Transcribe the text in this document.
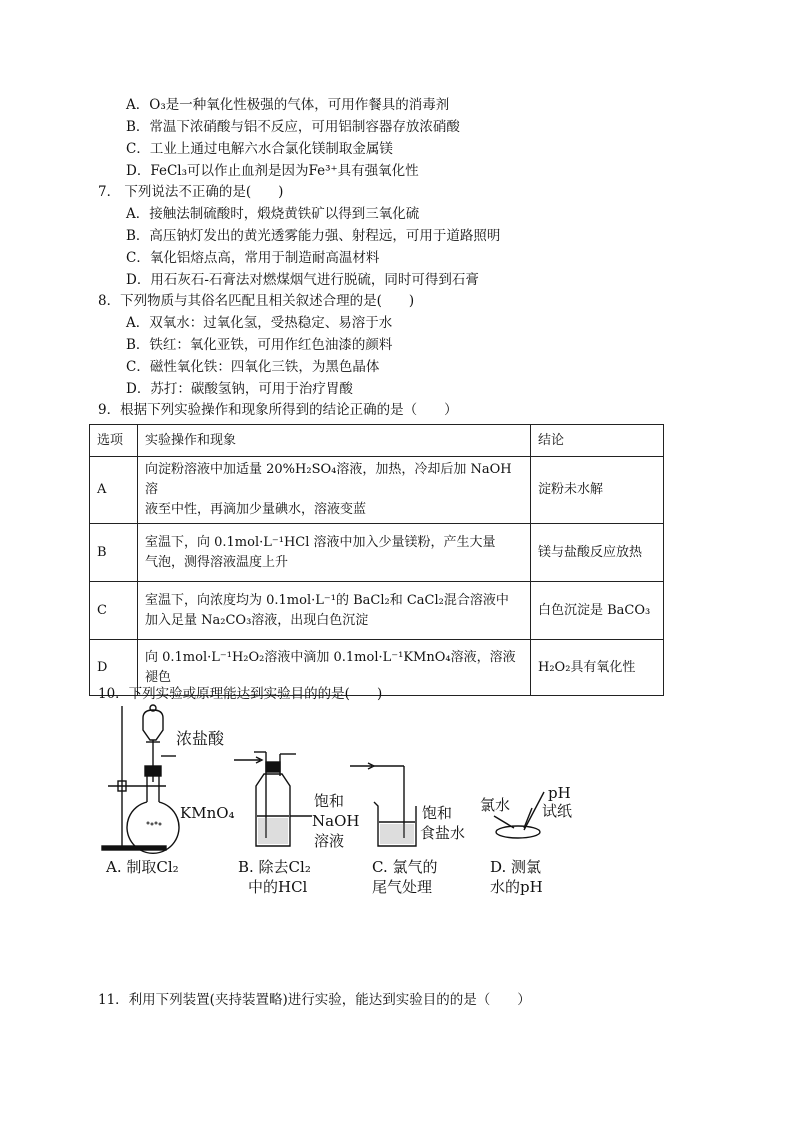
A．O₃是一种氧化性极强的气体，可用作餐具的消毒剂
B．常温下浓硝酸与铝不反应，可用铝制容器存放浓硝酸
C．工业上通过电解六水合氯化镁制取金属镁
D．FeCl₃可以作止血剂是因为Fe³⁺具有强氧化性
7． 下列说法不正确的是(　　)
A．接触法制硫酸时，煅烧黄铁矿以得到三氧化硫
B．高压钠灯发出的黄光透雾能力强、射程远，可用于道路照明
C．氧化铝熔点高，常用于制造耐高温材料
D．用石灰石-石膏法对燃煤烟气进行脱硫，同时可得到石膏
8．下列物质与其俗名匹配且相关叙述合理的是(　　)
A．双氧水：过氧化氢，受热稳定、易溶于水
B．铁红：氧化亚铁，可用作红色油漆的颜料
C．磁性氧化铁：四氧化三铁，为黑色晶体
D．苏打：碳酸氢钠，可用于治疗胃酸
9．根据下列实验操作和现象所得到的结论正确的是（　　）
选项	实验操作和现象	结论
A	向淀粉溶液中加适量 20%H₂SO₄溶液，加热，冷却后加 NaOH 溶
液至中性，再滴加少量碘水，溶液变蓝	淀粉未水解
B	室温下，向 0.1mol·L⁻¹HCl 溶液中加入少量镁粉，产生大量
气泡，测得溶液温度上升	镁与盐酸反应放热
C	室温下，向浓度均为 0.1mol·L⁻¹的 BaCl₂和 CaCl₂混合溶液中
加入足量 Na₂CO₃溶液，出现白色沉淀	白色沉淀是 BaCO₃
D	向 0.1mol·L⁻¹H₂O₂溶液中滴加 0.1mol·L⁻¹KMnO₄溶液，溶液
褪色	H₂O₂具有氧化性
10．下列实验或原理能达到实验目的的是(　　)
浓盐酸
KMnO₄
饱和
NaOH
溶液
饱和
食盐水
氯水
pH
试纸
A. 制取Cl₂	B. 除去Cl₂
中的HCl
C. 氯气的
尾气处理
D. 测氯
水的pH
11．利用下列装置(夹持装置略)进行实验，能达到实验目的的是（　　）
